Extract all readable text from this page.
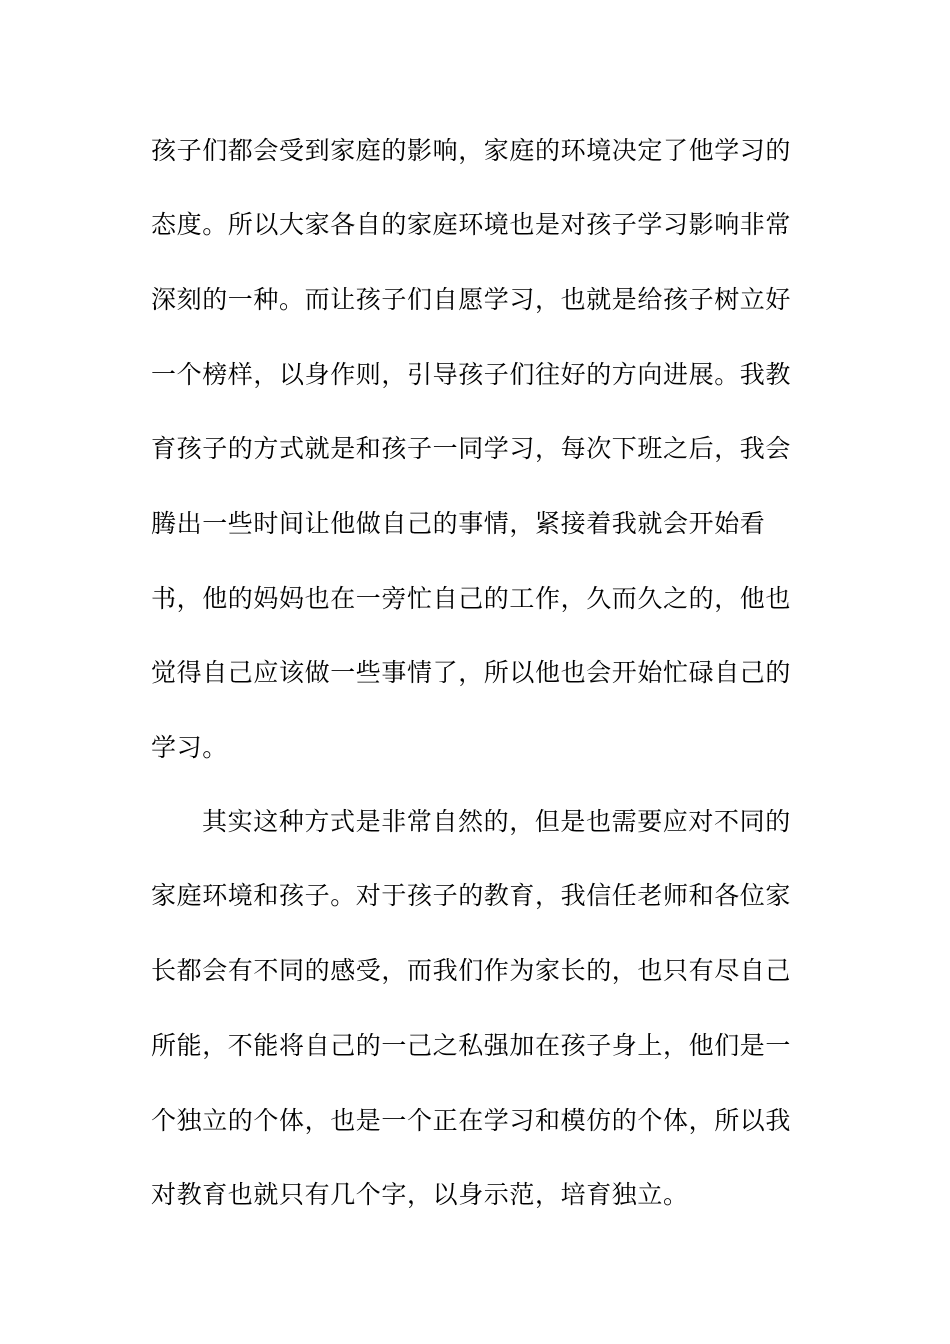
孩子们都会受到家庭的影响，家庭的环境决定了他学习的
态度。所以大家各自的家庭环境也是对孩子学习影响非常
深刻的一种。而让孩子们自愿学习，也就是给孩子树立好
一个榜样，以身作则，引导孩子们往好的方向进展。我教
育孩子的方式就是和孩子一同学习，每次下班之后，我会
腾出一些时间让他做自己的事情，紧接着我就会开始看
书，他的妈妈也在一旁忙自己的工作，久而久之的，他也
觉得自己应该做一些事情了，所以他也会开始忙碌自己的
学习。
其实这种方式是非常自然的，但是也需要应对不同的
家庭环境和孩子。对于孩子的教育，我信任老师和各位家
长都会有不同的感受，而我们作为家长的，也只有尽自己
所能，不能将自己的一己之私强加在孩子身上，他们是一
个独立的个体，也是一个正在学习和模仿的个体，所以我
对教育也就只有几个字，以身示范，培育独立。
